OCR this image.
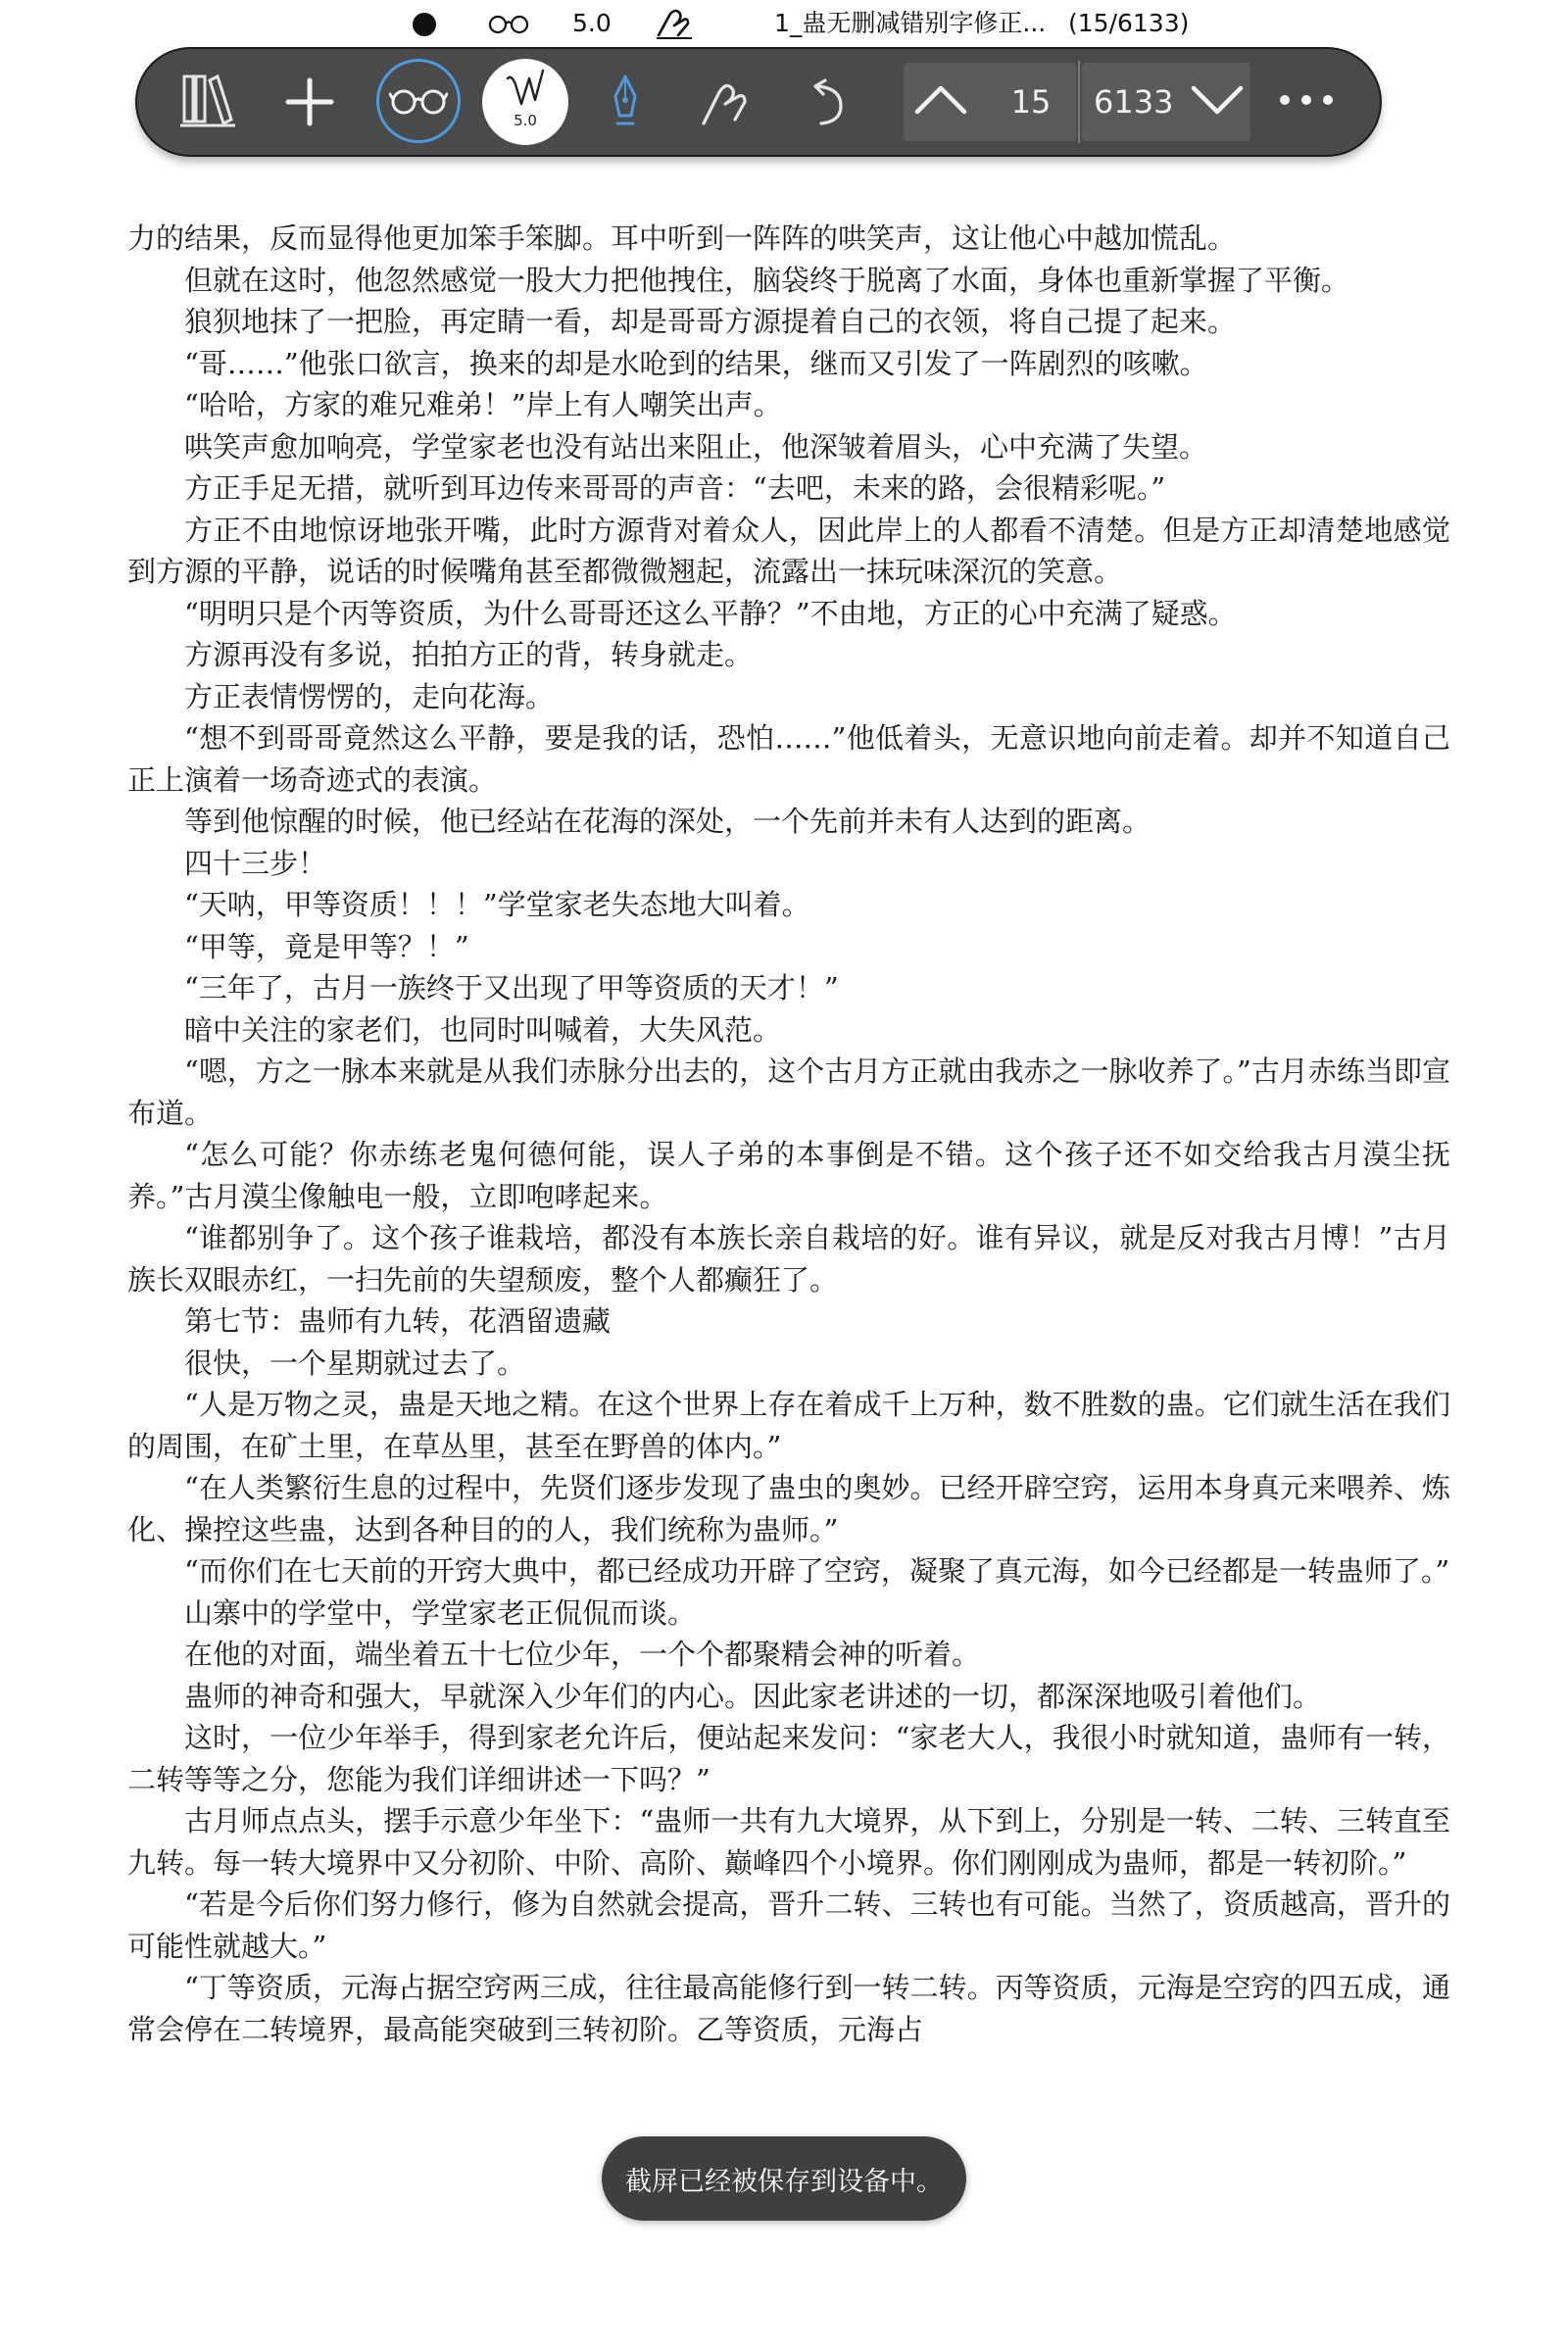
5.0	1_蛊无删减错别字修正... (15/6133)
5.0	15	6133

力的结果，反而显得他更加笨手笨脚。耳中听到一阵阵的哄笑声，这让他心中越加慌乱。

但就在这时，他忽然感觉一股大力把他拽住，脑袋终于脱离了水面，身体也重新掌握了平衡。

狼狈地抹了一把脸，再定睛一看，却是哥哥方源提着自己的衣领，将自己提了起来。

“哥……”他张口欲言，换来的却是水呛到的结果，继而又引发了一阵剧烈的咳嗽。

“哈哈，方家的难兄难弟！”岸上有人嘲笑出声。

哄笑声愈加响亮，学堂家老也没有站出来阻止，他深皱着眉头，心中充满了失望。

方正手足无措，就听到耳边传来哥哥的声音：“去吧，未来的路，会很精彩呢。”

方正不由地惊讶地张开嘴，此时方源背对着众人，因此岸上的人都看不清楚。但是方正却清楚地感觉到方源的平静，说话的时候嘴角甚至都微微翘起，流露出一抹玩味深沉的笑意。

“明明只是个丙等资质，为什么哥哥还这么平静？”不由地，方正的心中充满了疑惑。

方源再没有多说，拍拍方正的背，转身就走。

方正表情愣愣的，走向花海。

“想不到哥哥竟然这么平静，要是我的话，恐怕……”他低着头，无意识地向前走着。却并不知道自己正上演着一场奇迹式的表演。

等到他惊醒的时候，他已经站在花海的深处，一个先前并未有人达到的距离。

四十三步！

“天呐，甲等资质！！！”学堂家老失态地大叫着。

“甲等，竟是甲等？！”

“三年了，古月一族终于又出现了甲等资质的天才！”

暗中关注的家老们，也同时叫喊着，大失风范。

“嗯，方之一脉本来就是从我们赤脉分出去的，这个古月方正就由我赤之一脉收养了。”古月赤练当即宣布道。

“怎么可能？你赤练老鬼何德何能，误人子弟的本事倒是不错。这个孩子还不如交给我古月漠尘抚养。”古月漠尘像触电一般，立即咆哮起来。

“谁都别争了。这个孩子谁栽培，都没有本族长亲自栽培的好。谁有异议，就是反对我古月博！”古月族长双眼赤红，一扫先前的失望颓废，整个人都癫狂了。

第七节：蛊师有九转，花酒留遗藏

很快，一个星期就过去了。

“人是万物之灵，蛊是天地之精。在这个世界上存在着成千上万种，数不胜数的蛊。它们就生活在我们的周围，在矿土里，在草丛里，甚至在野兽的体内。”

“在人类繁衍生息的过程中，先贤们逐步发现了蛊虫的奥妙。已经开辟空窍，运用本身真元来喂养、炼化、操控这些蛊，达到各种目的的人，我们统称为蛊师。”

“而你们在七天前的开窍大典中，都已经成功开辟了空窍，凝聚了真元海，如今已经都是一转蛊师了。”

山寨中的学堂中，学堂家老正侃侃而谈。

在他的对面，端坐着五十七位少年，一个个都聚精会神的听着。

蛊师的神奇和强大，早就深入少年们的内心。因此家老讲述的一切，都深深地吸引着他们。

这时，一位少年举手，得到家老允许后，便站起来发问：“家老大人，我很小时就知道，蛊师有一转，二转等等之分，您能为我们详细讲述一下吗？”

古月师点点头，摆手示意少年坐下：“蛊师一共有九大境界，从下到上，分别是一转、二转、三转直至九转。每一转大境界中又分初阶、中阶、高阶、巅峰四个小境界。你们刚刚成为蛊师，都是一转初阶。”

“若是今后你们努力修行，修为自然就会提高，晋升二转、三转也有可能。当然了，资质越高，晋升的可能性就越大。”

“丁等资质，元海占据空窍两三成，往往最高能修行到一转二转。丙等资质，元海是空窍的四五成，通常会停在二转境界，最高能突破到三转初阶。乙等资质，元海占

截屏已经被保存到设备中。
